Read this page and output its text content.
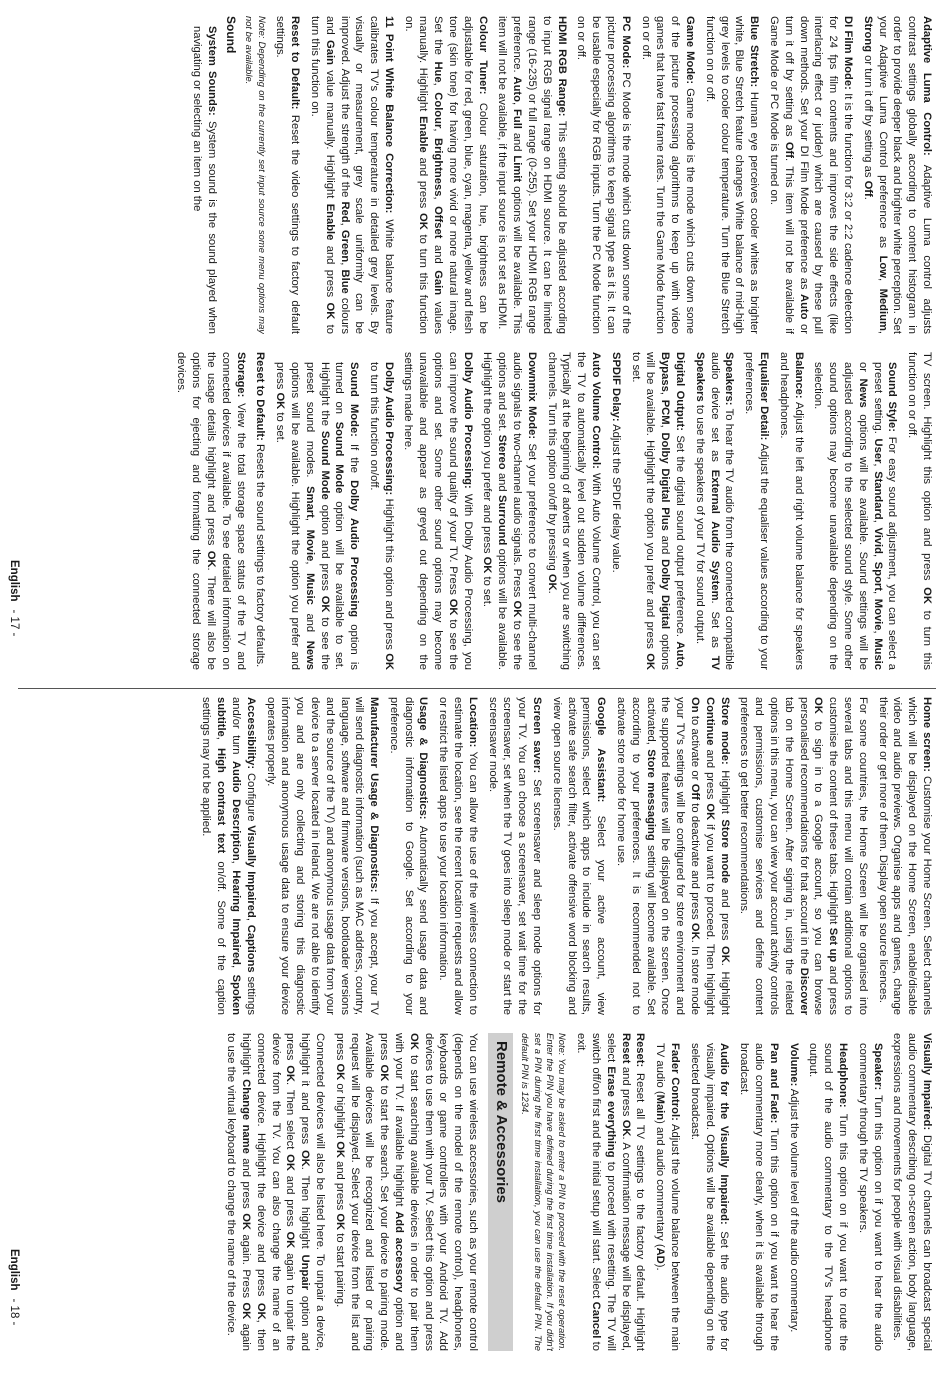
Adaptive Luma Control: Adaptive Luma control adjusts contrast settings globally according to content histogram in order to provide deeper black and brighter white perception. Set your Adaptive Luma Control preference as Low, Medium, Strong or turn it off by setting as Off.

DI Film Mode: It is the function for 3:2 or 2:2 cadence detection for 24 fps film contents and improves the side effects (like interlacing effect or judder) which are caused by these pull down methods. Set your DI Film Mode preference as Auto or turn it off by setting as Off. This item will not be available if Game Mode or PC Mode is turned on.

Blue Stretch: Human eye perceives cooler whites as brighter white, Blue Stretch feature changes White balance of mid-high grey levels to cooler colour temperature. Turn the Blue Stretch function on or off.

Game Mode: Game mode is the mode which cuts down some of the picture processing algorithms to keep up with video games that have fast frame rates. Turn the Game Mode function on or off.

PC Mode: PC Mode is the mode which cuts down some of the picture processing algorithms to keep signal type as it is. It can be usable especially for RGB inputs. Turn the PC Mode function on or off.

HDMI RGB Range: This setting should be adjusted according to input RGB signal range on HDMI source. It can be limited range (16-235) or full range (0-255). Set your HDMI RGB range preference. Auto, Full and Limit options will be available. This item will not be available, if the input source is not set as HDMI.

Colour Tuner: Colour saturation, hue, brightness can be adjustable for red, green, blue, cyan, magenta, yellow and flesh tone (skin tone) for having more vivid or more natural image. Set the Hue, Colour, Brightness, Offset and Gain values manually. Highlight Enable and press OK to turn this function on.

11 Point White Balance Correction: White balance feature calibrates TV's colour temperature in detailed grey levels. By visually or measurement, grey scale uniformity can be improved. Adjust the strength of the Red, Green, Blue colours and Gain value manually. Highlight Enable and press OK to turn this function on.

Reset to Default: Reset the video settings to factory default settings.

Note: Depending on the currently set input source some menu options may not be available.

Sound

System Sounds: System sound is the sound played when navigating or selecting an item on the

TV screen. Highlight this option and press OK to turn this function on or off.

Sound Style: For easy sound adjustment, you can select a preset setting. User, Standard, Vivid, Sport, Movie, Music or News options will be available. Sound settings will be adjusted according to the selected sound style. Some other sound options may become unavailable depending on the selection.

Balance: Adjust the left and right volume balance for speakers and headphones.

Equaliser Detail: Adjust the equaliser values according to your preferences.

Speakers: To hear the TV audio from the connected compatible audio device set as External Audio System. Set as TV Speakers to use the speakers of your TV for sound output.

Digital Output: Set the digital sound output preference. Auto, Bypass, PCM, Dolby Digital Plus and Dolby Digital options will be available. Highlight the option you prefer and press OK to set.

SPDIF Delay: Adjust the SPDIF delay value.

Auto Volume Control: With Auto Volume Control, you can set the TV to automatically level out sudden volume differences. Typically at the beginning of adverts or when you are switching channels. Turn this option on/off by pressing OK.

Downmix Mode: Set your preference to convert multi-channel audio signals to two-channel audio signals. Press OK to see the options and set. Stereo and Surround options will be available. Highlight the option you prefer and press OK to set.

Dolby Audio Processing: With Dolby Audio Processing, you can improve the sound quality of your TV. Press OK to see the options and set. Some other sound options may become unavailable and appear as greyed out depending on the settings made here.

Dolby Audio Processing: Highlight this option and press OK to turn this function on/off.

Sound Mode: If the Dolby Audio Processing option is turned on Sound Mode option will be available to set. Highlight the Sound Mode option and press OK to see the preset sound modes. Smart, Movie, Music and News options will be available. Highlight the option you prefer and press OK to set.

Reset to Default: Resets the sound settings to factory defaults.

Storage: View the total storage space status of the TV and connected devices if available. To see detailed information on the usage details highlight and press OK. There will also be options for ejecting and formatting the connected storage devices.

English- 17 -

Home screen: Customise your Home Screen. Select channels which will be displayed on the Home Screen, enable/disable video and audio previews. Organise apps and games, change their order or get more of them. Display open source licences.

For some countries, the Home Screen will be organised into several tabs and this menu will contain additional options to customise the content of these tabs. Highlight Set up and press OK to sign in to a Google account, so you can browse personalised recommendations for that account in the Discover tab on the Home Screen. After signing in, using the related options in this menu, you can view your account activity controls and permissions, customise services and define content preferences to get better recommendations.

Store mode: Highlight Store mode and press OK. Highlight Continue and press OK if you want to proceed. Then highlight On to activate or Off to deactivate and press OK. In store mode your TV's settings will be configured for store environment and the supported features will be displayed on the screen. Once activated, Store messaging setting will become available. Set according to your preferences. It is recommended not to activate store mode for home use.

Google Assistant: Select your active account, view permissions, select which apps to include in search results, activate safe search filter, activate offensive word blocking and view open source licenses.

Screen saver: Set screensaver and sleep mode options for your TV. You can choose a screensaver, set wait time for the screensaver, set when the TV goes into sleep mode or start the screensaver mode.

Location: You can allow the use of the wireless connection to estimate the location, see the recent location requests and allow or restrict the listed apps to use your location information.

Usage & Diagnostics: Automatically send usage data and diagnostic information to Google. Set according to your preference.

Manufacturer Usage & Diagnostics: If you accept, your TV will send diagnostic information (such as MAC address, country, language, software and firmware versions, bootloader versions and the source of the TV) and anonymous usage data from your device to a server located in Ireland. We are not able to identify you and are only collecting and storing this diagnostic information and anonymous usage data to ensure your device operates properly.

Accessibility: Configure Visually Impaired, Captions settings and/or turn Audio Description, Hearing Impaired, Spoken subtitle, High contrast text on/off. Some of the caption settings may not be applied.

Visually Impaired: Digital TV channels can broadcast special audio commentary describing on-screen action, body language, expressions and movements for people with visual disabilities.

Speaker: Turn this option on if you want to hear the audio commentary through the TV speakers.

Headphone: Turn this option on if you want to route the sound of the audio commentary to the TV's headphone output.

Volume: Adjust the volume level of the audio commentary.

Pan and Fade: Turn this option on if you want to hear the audio commentary more clearly, when it is available through broadcast.

Audio for the Visually Impaired: Set the audio type for visually impaired. Options will be available depending on the selected broadcast.

Fader Control: Adjust the volume balance between the main TV audio (Main) and audio commentary (AD).

Reset: Reset all TV settings to the factory default. Highlight Reset and press OK. A confirmation message will be displayed, select Erase everything to proceed with resetting. The TV will switch off/on first and the initial setup will start. Select Cancel to exit.

Note: You may be asked to enter a PIN to proceed with the reset operation. Enter the PIN you have defined during the first time installation. If you didn't set a PIN during the first time installation, you can use the default PIN. The default PIN is 1234.

Remote & Accessories

You can use wireless accessories, such as your remote control (depends on the model of the remote control), headphones, keyboards or game controllers with your Android TV. Add devices to use them with your TV. Select this option and press OK to start searching available devices in order to pair them with your TV. If available highlight Add accessory option and press OK to start the search. Set your device to pairing mode. Available devices will be recognized and listed or pairing request will be displayed. Select your device from the list and press OK or highlight OK and press OK to start pairing.

Connected devices will also be listed here. To unpair a device, highlight it and press OK. Then highlight Unpair option and press OK. Then select OK and press OK again to unpair the device from the TV. You can also change the name of an connected device. Highlight the device and press OK, then highlight Change name and press OK again. Press OK again to use the virtual keyboard to change the name of the device.

English- 18 -
